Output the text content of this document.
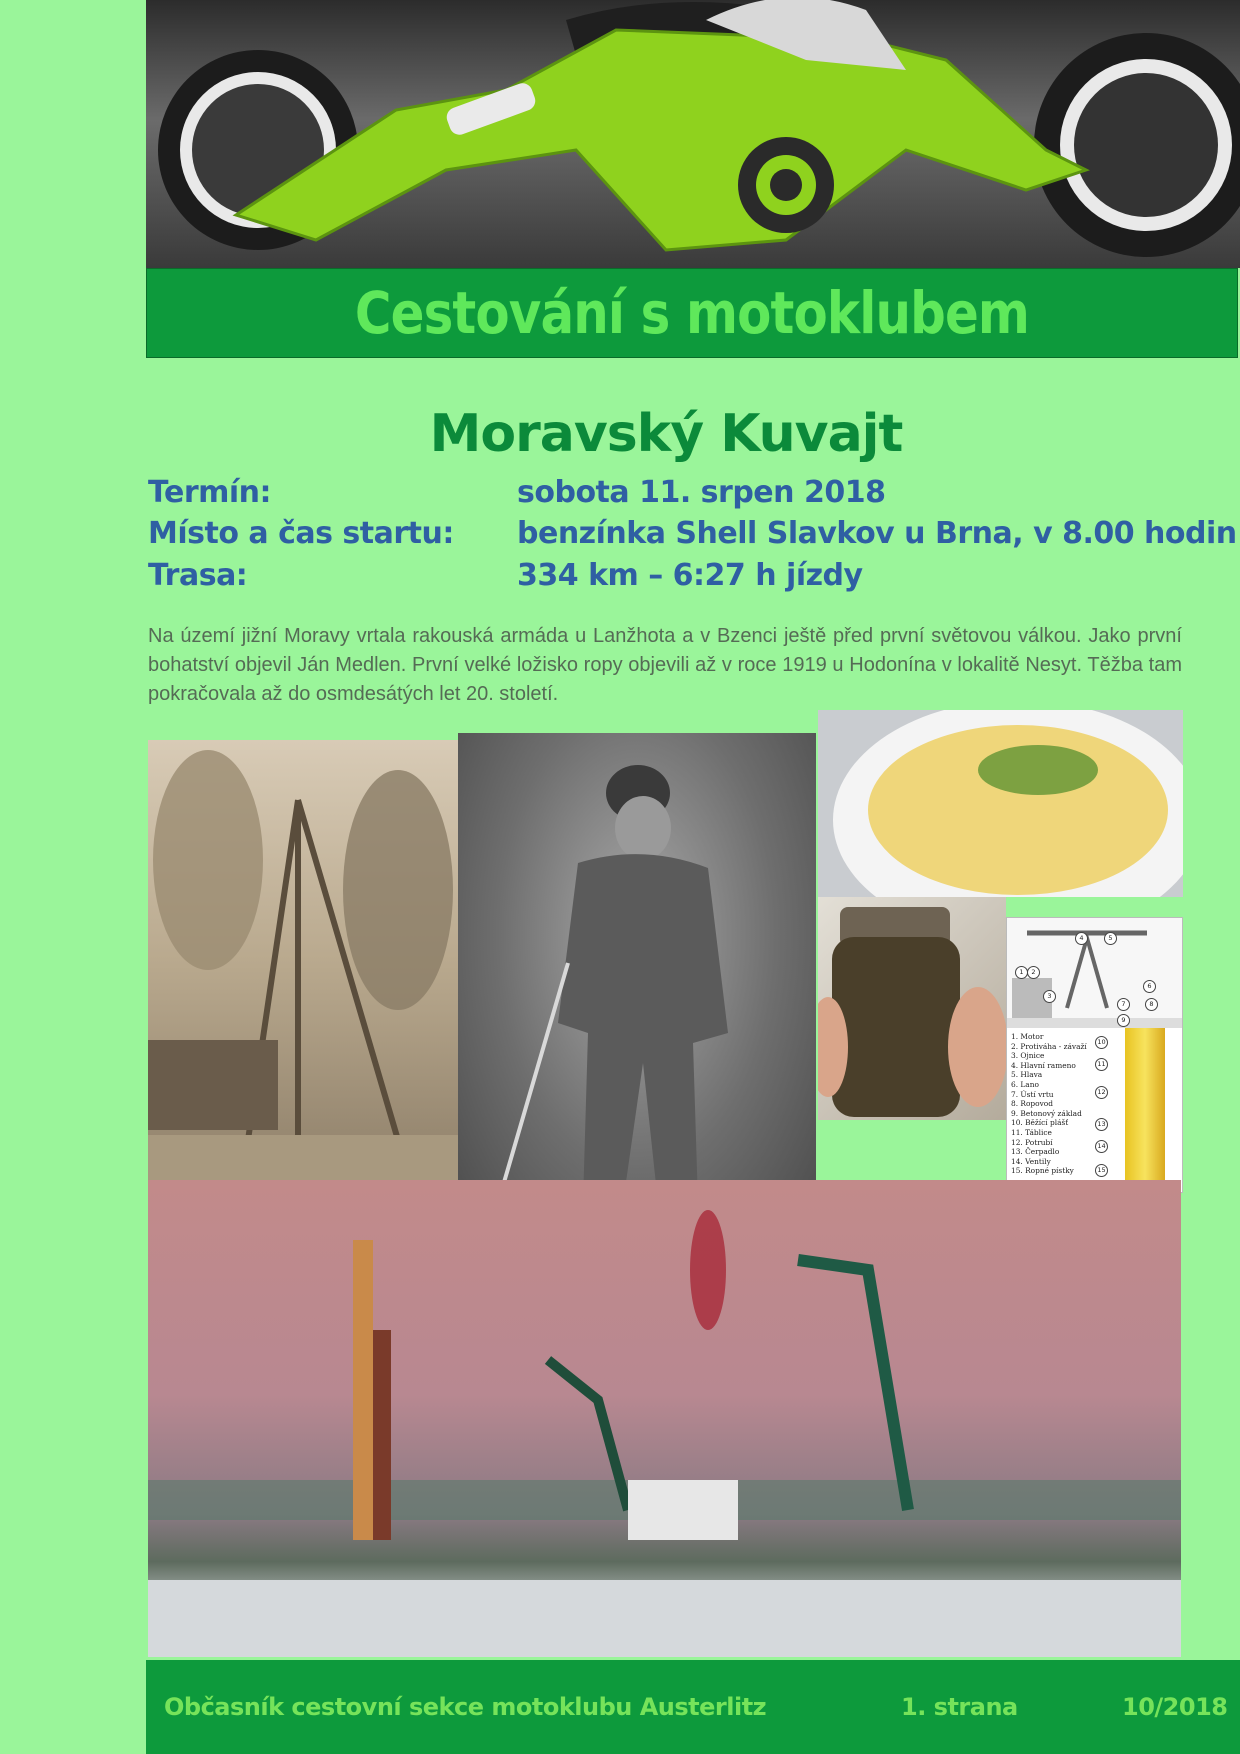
Cestování s motoklubem
Moravský Kuvajt
Termín:	sobota 11. srpen 2018
Místo a čas startu: benzínka Shell Slavkov u Brna, v 8.00 hodin
Trasa:	334 km – 6:27 h jízdy
Na území jižní Moravy vrtala rakouská armáda u Lanžhota a v Bzenci ještě před první světovou válkou. Jako první bohatství objevil Ján Medlen. První velké ložisko ropy objevili až v roce 1919 u Hodonína v lokalitě Nesyt. Těžba tam pokračovala až do osmdesátých let 20. století.
1. Motor
2. Protiváha - závaží
3. Ojnice
4. Hlavní rameno
5. Hlava
6. Lano
7. Ústí vrtu
8. Ropovod
9. Betonový základ
10. Běžící plášť
11. Táblice
12. Potrubí
13. Čerpadlo
14. Ventily
15. Ropné pístky
1	2
3
4	5
6
7	8
9
10
11
12
13
14
15
Občasník cestovní sekce motoklubu Austerlitz	1. strana	10/2018
